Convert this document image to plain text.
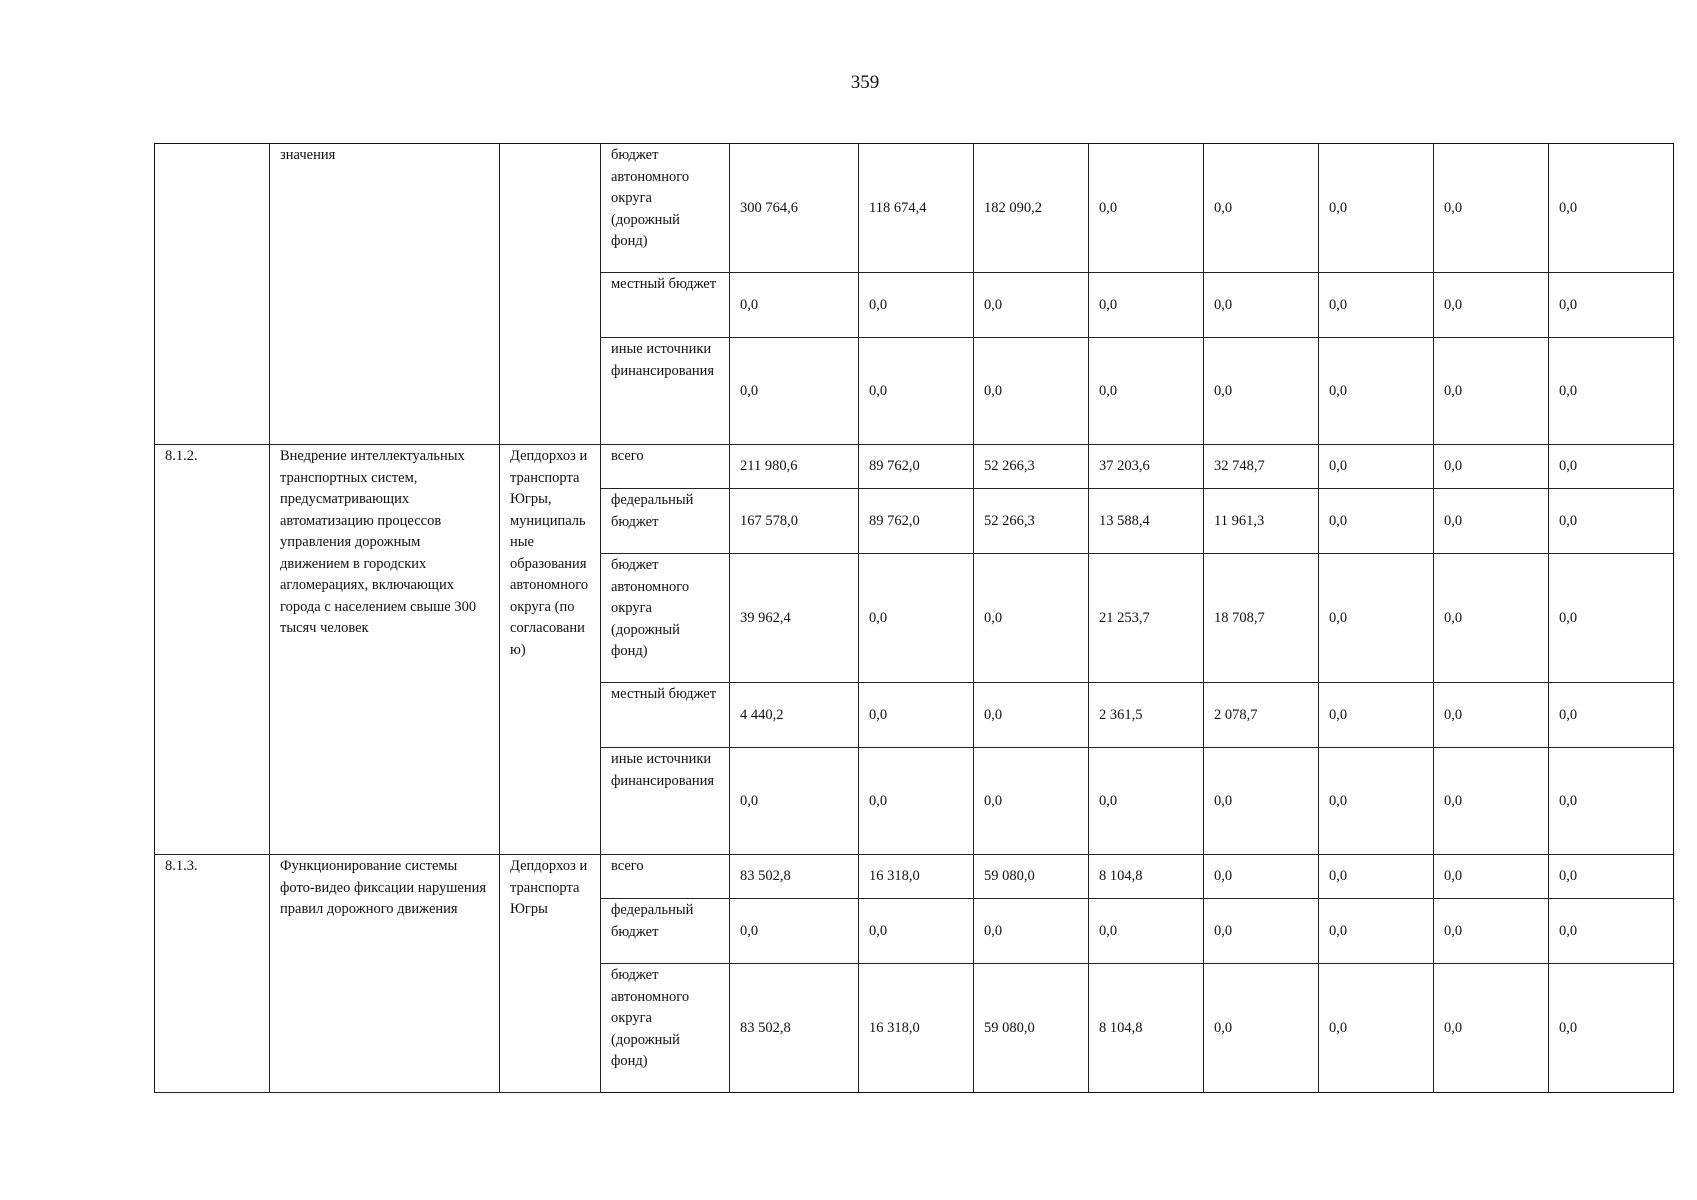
359
	значения		бюджет автономного округа (дорожный фонд)	300 764,6	118 674,4	182 090,2	0,0	0,0	0,0	0,0	0,0
			местный бюджет	0,0	0,0	0,0	0,0	0,0	0,0	0,0	0,0
			иные источники финансирования	0,0	0,0	0,0	0,0	0,0	0,0	0,0	0,0
8.1.2.	Внедрение интеллектуальных транспортных систем, предусматривающих автоматизацию процессов управления дорожным движением в городских агломерациях, включающих города с населением свыше 300 тысяч человек	Депдорхоз и транспорта Югры, муниципальные образования автономного округа (по согласованию)	всего	211 980,6	89 762,0	52 266,3	37 203,6	32 748,7	0,0	0,0	0,0
			федеральный бюджет	167 578,0	89 762,0	52 266,3	13 588,4	11 961,3	0,0	0,0	0,0
			бюджет автономного округа (дорожный фонд)	39 962,4	0,0	0,0	21 253,7	18 708,7	0,0	0,0	0,0
			местный бюджет	4 440,2	0,0	0,0	2 361,5	2 078,7	0,0	0,0	0,0
			иные источники финансирования	0,0	0,0	0,0	0,0	0,0	0,0	0,0	0,0
8.1.3.	Функционирование системы фото-видео фиксации нарушения правил дорожного движения	Депдорхоз и транспорта Югры	всего	83 502,8	16 318,0	59 080,0	8 104,8	0,0	0,0	0,0	0,0
			федеральный бюджет	0,0	0,0	0,0	0,0	0,0	0,0	0,0	0,0
			бюджет автономного округа (дорожный фонд)	83 502,8	16 318,0	59 080,0	8 104,8	0,0	0,0	0,0	0,0
